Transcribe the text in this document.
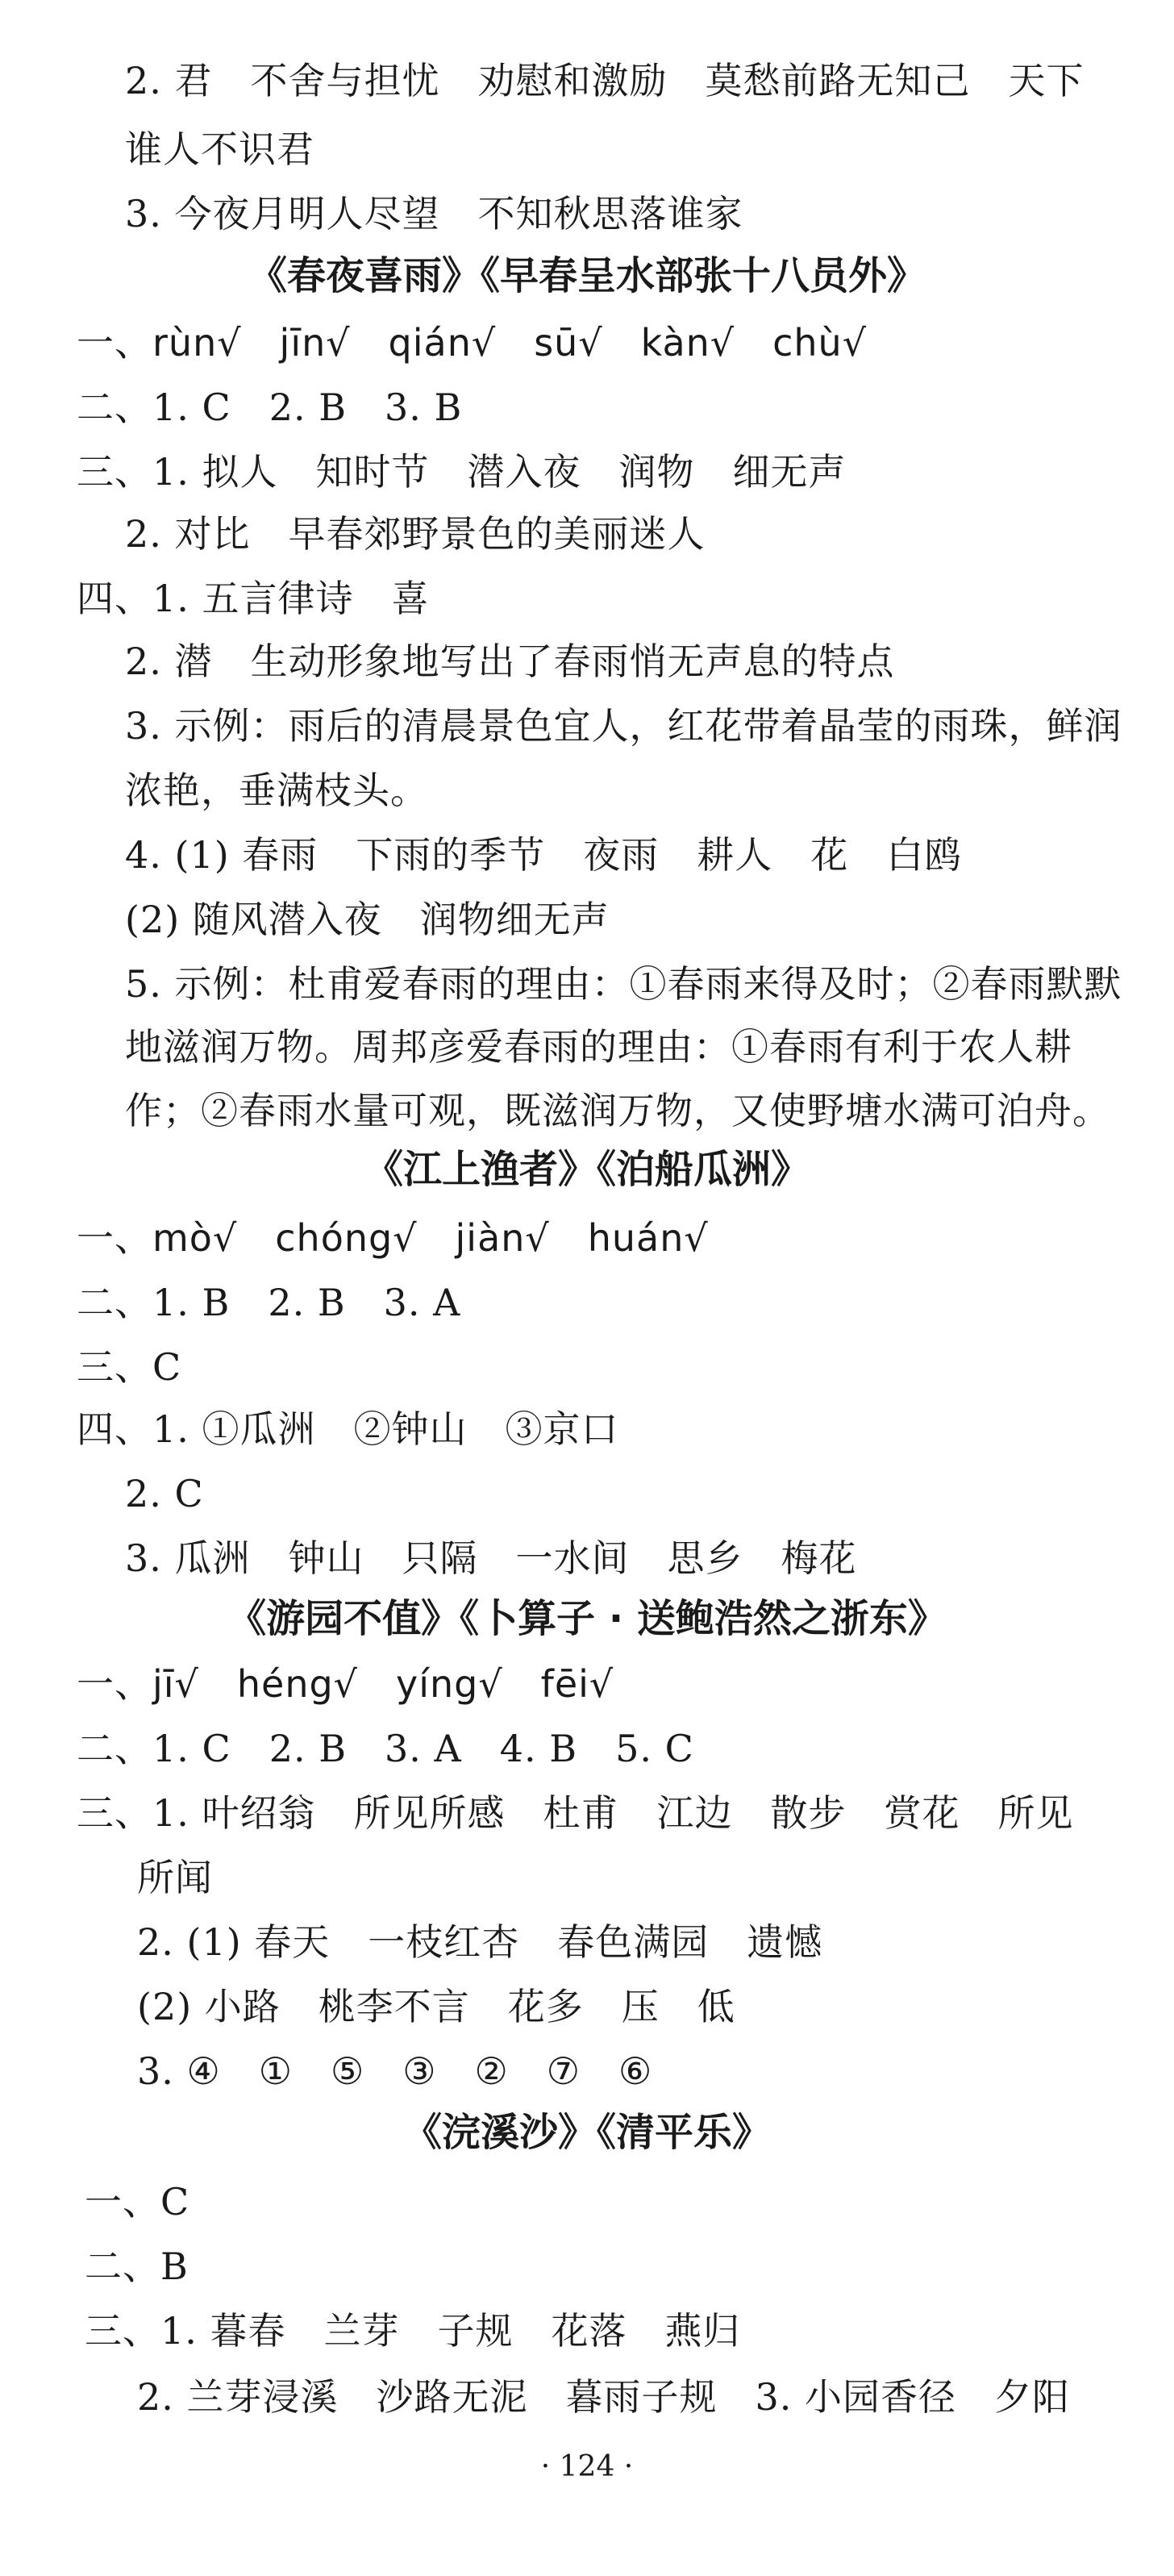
2. 君　不舍与担忧　劝慰和激励　莫愁前路无知己　天下
谁人不识君
3. 今夜月明人尽望　不知秋思落谁家
《春夜喜雨》《早春呈水部张十八员外》
一、rùn√　jīn√　qián√　sū√　kàn√　chù√
二、1. C　2. B　3. B
三、1. 拟人　知时节　潜入夜　润物　细无声
2. 对比　早春郊野景色的美丽迷人
四、1. 五言律诗　喜
2. 潜　生动形象地写出了春雨悄无声息的特点
3. 示例：雨后的清晨景色宜人，红花带着晶莹的雨珠，鲜润
浓艳，垂满枝头。
4. (1) 春雨　下雨的季节　夜雨　耕人　花　白鸥
(2) 随风潜入夜　润物细无声
5. 示例：杜甫爱春雨的理由：①春雨来得及时；②春雨默默
地滋润万物。周邦彦爱春雨的理由：①春雨有利于农人耕
作；②春雨水量可观，既滋润万物，又使野塘水满可泊舟。
《江上渔者》《泊船瓜洲》
一、mò√　chóng√　jiàn√　huán√
二、1. B　2. B　3. A
三、C
四、1. ①瓜洲　②钟山　③京口
2. C
3. 瓜洲　钟山　只隔　一水间　思乡　梅花
《游园不值》《卜算子 · 送鲍浩然之浙东》
一、jī√　héng√　yíng√　fēi√
二、1. C　2. B　3. A　4. B　5. C
三、1. 叶绍翁　所见所感　杜甫　江边　散步　赏花　所见
所闻
2. (1) 春天　一枝红杏　春色满园　遗憾
(2) 小路　桃李不言　花多　压　低
3. ④　①　⑤　③　②　⑦　⑥
《浣溪沙》《清平乐》
一、C
二、B
三、1. 暮春　兰芽　子规　花落　燕归
2. 兰芽浸溪　沙路无泥　暮雨子规　3. 小园香径　夕阳
· 124 ·
